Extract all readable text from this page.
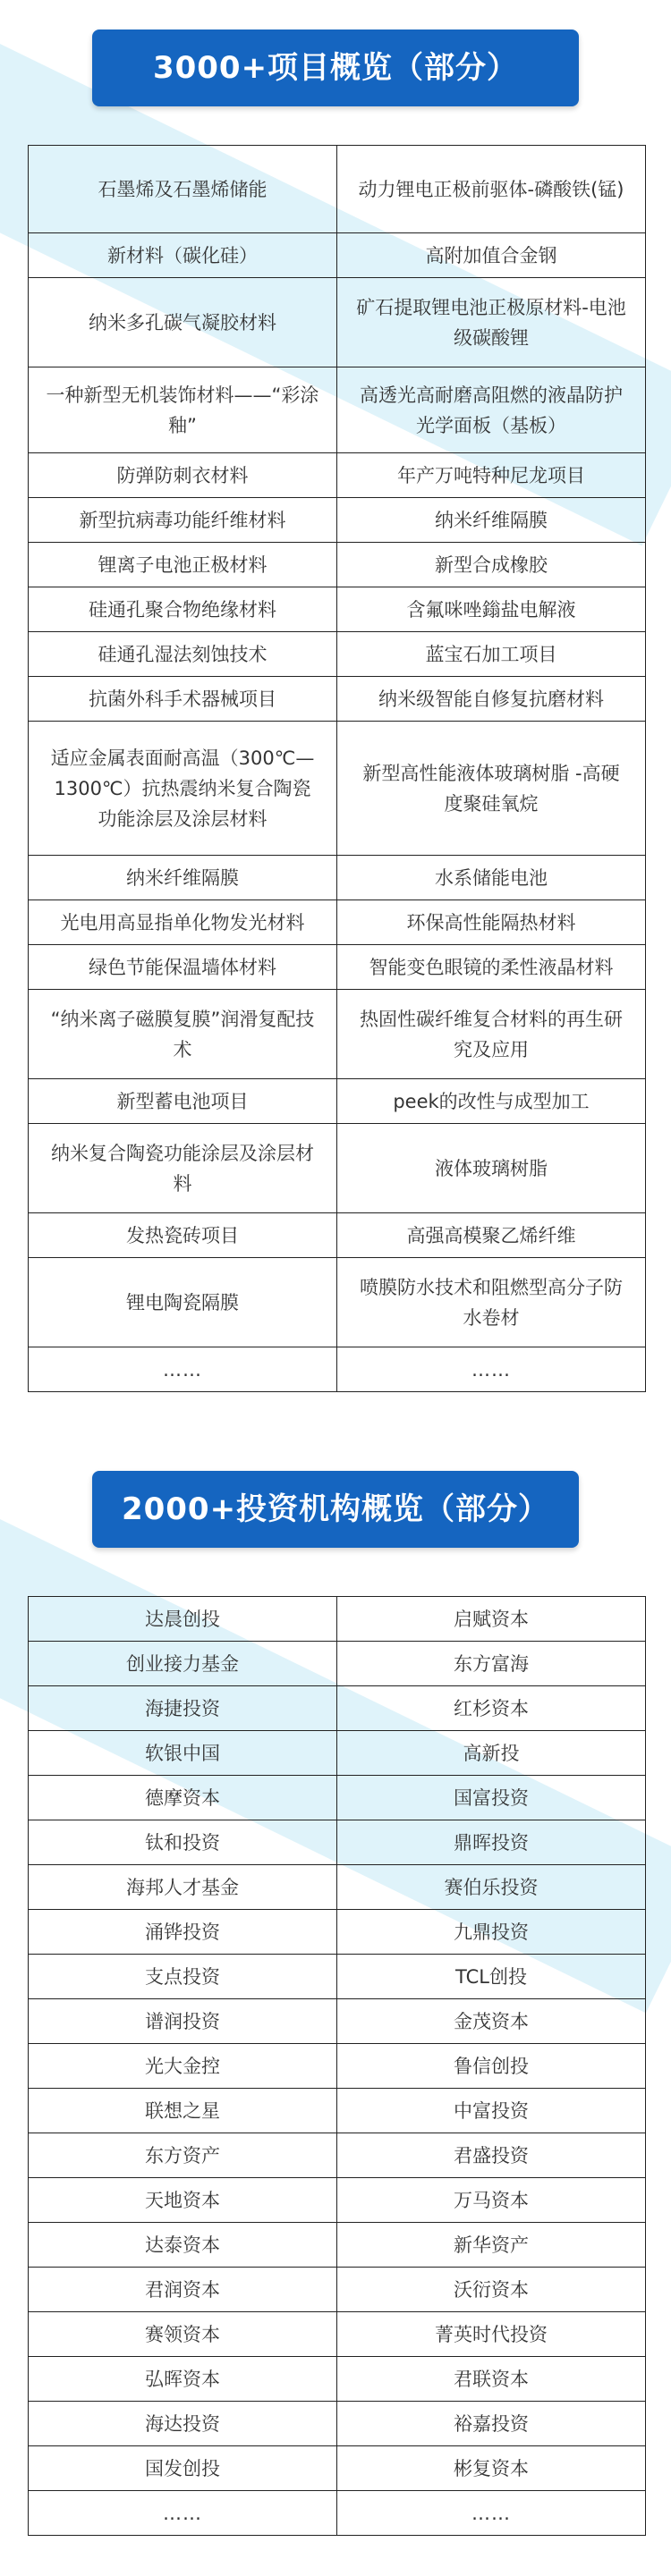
3000+项目概览（部分）
石墨烯及石墨烯储能	动力锂电正极前驱体-磷酸铁(锰)
新材料（碳化硅）	高附加值合金钢
纳米多孔碳气凝胶材料	矿石提取锂电池正极原材料-电池级碳酸锂
一种新型无机装饰材料——“彩涂釉”	高透光高耐磨高阻燃的液晶防护光学面板（基板）
防弹防刺衣材料	年产万吨特种尼龙项目
新型抗病毒功能纤维材料	纳米纤维隔膜
锂离子电池正极材料	新型合成橡胶
硅通孔聚合物绝缘材料	含氟咪唑鎓盐电解液
硅通孔湿法刻蚀技术	蓝宝石加工项目
抗菌外科手术器械项目	纳米级智能自修复抗磨材料
适应金属表面耐高温（300℃—1300℃）抗热震纳米复合陶瓷功能涂层及涂层材料	新型高性能液体玻璃树脂 -高硬度聚硅氧烷
纳米纤维隔膜	水系储能电池
光电用高显指单化物发光材料	环保高性能隔热材料
绿色节能保温墙体材料	智能变色眼镜的柔性液晶材料
“纳米离子磁膜复膜”润滑复配技术	热固性碳纤维复合材料的再生研究及应用
新型蓄电池项目	peek的改性与成型加工
纳米复合陶瓷功能涂层及涂层材料	液体玻璃树脂
发热瓷砖项目	高强高模聚乙烯纤维
锂电陶瓷隔膜	喷膜防水技术和阻燃型高分子防水卷材
……	……
2000+投资机构概览（部分）
达晨创投	启赋资本
创业接力基金	东方富海
海捷投资	红杉资本
软银中国	高新投
德摩资本	国富投资
钛和投资	鼎晖投资
海邦人才基金	赛伯乐投资
涌铧投资	九鼎投资
支点投资	TCL创投
谱润投资	金茂资本
光大金控	鲁信创投
联想之星	中富投资
东方资产	君盛投资
天地资本	万马资本
达泰资本	新华资产
君润资本	沃衍资本
赛领资本	菁英时代投资
弘晖资本	君联资本
海达投资	裕嘉投资
国发创投	彬复资本
……	……
